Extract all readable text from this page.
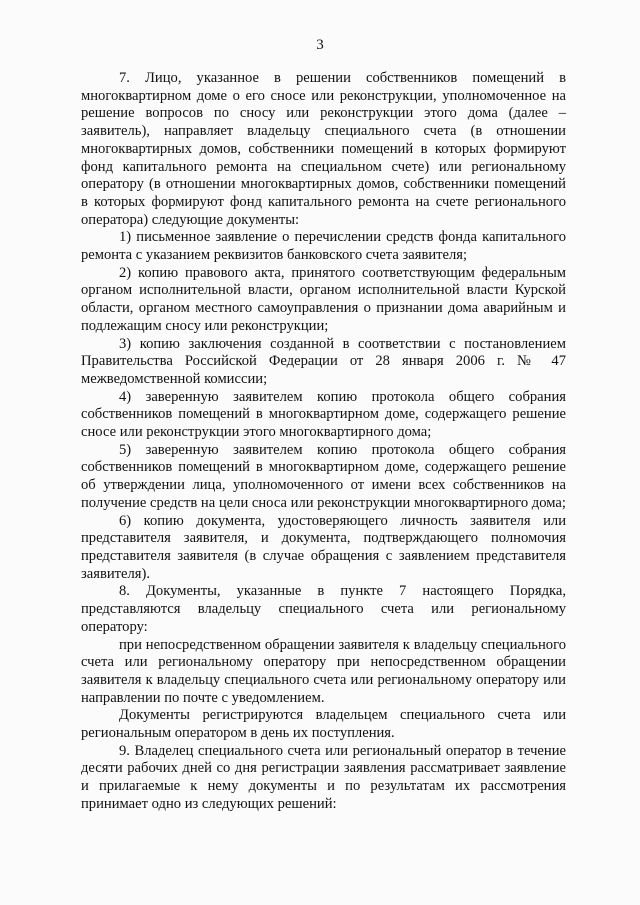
3

7. Лицо, указанное в решении собственников помещений в многоквартирном доме о его сносе или реконструкции, уполномоченное на решение вопросов по сносу или реконструкции этого дома (далее – заявитель), направляет владельцу специального счета (в отношении многоквартирных домов, собственники помещений в которых формируют фонд капитального ремонта на специальном счете) или региональному оператору (в отношении многоквартирных домов, собственники помещений в которых формируют фонд капитального ремонта на счете регионального оператора) следующие документы:

1) письменное заявление о перечислении средств фонда капитального ремонта с указанием реквизитов банковского счета заявителя;

2) копию правового акта, принятого соответствующим федеральным органом исполнительной власти, органом исполнительной власти Курской области, органом местного самоуправления о признании дома аварийным и подлежащим сносу или реконструкции;

3) копию заключения созданной в соответствии с постановлением Правительства Российской Федерации от 28 января 2006 г. № 47 межведомственной комиссии;

4) заверенную заявителем копию протокола общего собрания собственников помещений в многоквартирном доме, содержащего решение сносе или реконструкции этого многоквартирного дома;

5) заверенную заявителем копию протокола общего собрания собственников помещений в многоквартирном доме, содержащего решение об утверждении лица, уполномоченного от имени всех собственников на получение средств на цели сноса или реконструкции многоквартирного дома;

6) копию документа, удостоверяющего личность заявителя или представителя заявителя, и документа, подтверждающего полномочия представителя заявителя (в случае обращения с заявлением представителя заявителя).

8. Документы, указанные в пункте 7 настоящего Порядка, представляются владельцу специального счета или региональному оператору:

при непосредственном обращении заявителя к владельцу специального счета или региональному оператору при непосредственном обращении заявителя к владельцу специального счета или региональному оператору или направлении по почте с уведомлением.

Документы регистрируются владельцем специального счета или региональным оператором в день их поступления.

9. Владелец специального счета или региональный оператор в течение десяти рабочих дней со дня регистрации заявления рассматривает заявление и прилагаемые к нему документы и по результатам их рассмотрения принимает одно из следующих решений:
